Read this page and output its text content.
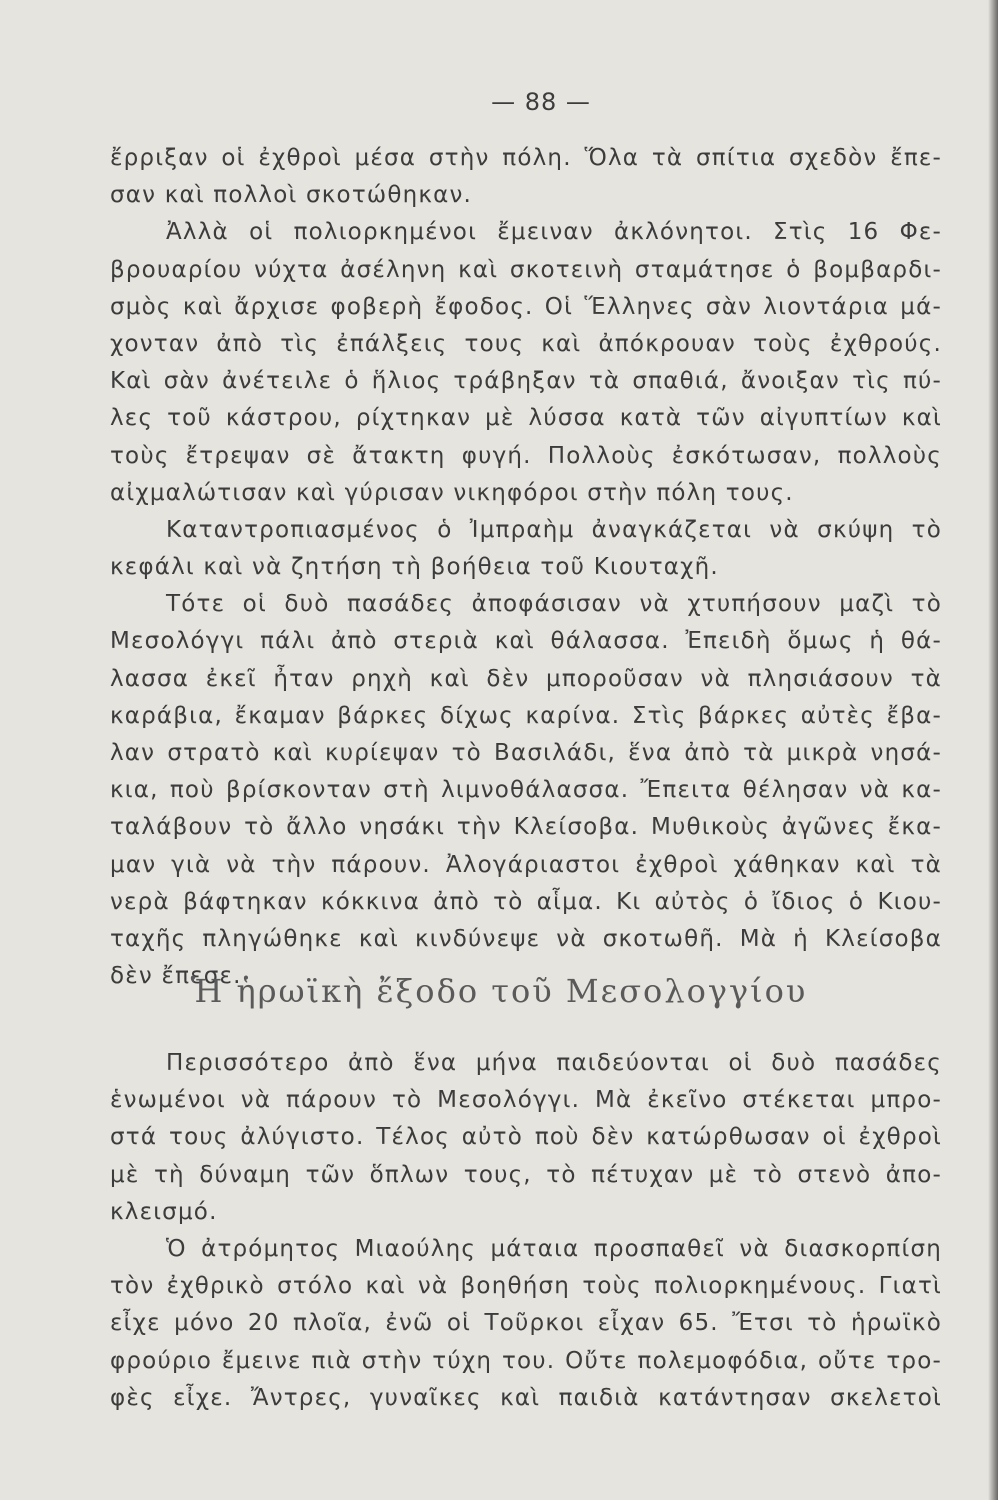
— 88 —
ἔρριξαν οἱ ἐχθροὶ μέσα στὴν πόλη. Ὅλα τὰ σπίτια σχεδὸν ἔπε-
σαν καὶ πολλοὶ σκοτώθηκαν.
Ἀλλὰ οἱ πολιορκημένοι ἔμειναν ἀκλόνητοι. Στὶς 16 Φε-
βρουαρίου νύχτα ἀσέληνη καὶ σκοτεινὴ σταμάτησε ὁ βομβαρδι-
σμὸς καὶ ἄρχισε φοβερὴ ἔφοδος. Οἱ Ἕλληνες σὰν λιοντάρια μά-
χονταν ἀπὸ τὶς ἐπάλξεις τους καὶ ἀπόκρουαν τοὺς ἐχθρούς.
Καὶ σὰν ἀνέτειλε ὁ ἥλιος τράβηξαν τὰ σπαθιά, ἄνοιξαν τὶς πύ-
λες τοῦ κάστρου, ρίχτηκαν μὲ λύσσα κατὰ τῶν αἰγυπτίων καὶ
τοὺς ἔτρεψαν σὲ ἄτακτη φυγή. Πολλοὺς ἐσκότωσαν, πολλοὺς
αἰχμαλώτισαν καὶ γύρισαν νικηφόροι στὴν πόλη τους.
Καταντροπιασμένος ὁ Ἰμπραὴμ ἀναγκάζεται νὰ σκύψη τὸ
κεφάλι καὶ νὰ ζητήση τὴ βοήθεια τοῦ Κιουταχῆ.
Τότε οἱ δυὸ πασάδες ἀποφάσισαν νὰ χτυπήσουν μαζὶ τὸ
Μεσολόγγι πάλι ἀπὸ στεριὰ καὶ θάλασσα. Ἐπειδὴ ὅμως ἡ θά-
λασσα ἐκεῖ ἦταν ρηχὴ καὶ δὲν μποροῦσαν νὰ πλησιάσουν τὰ
καράβια, ἔκαμαν βάρκες δίχως καρίνα. Στὶς βάρκες αὐτὲς ἔβα-
λαν στρατὸ καὶ κυρίεψαν τὸ Βασιλάδι, ἕνα ἀπὸ τὰ μικρὰ νησά-
κια, ποὺ βρίσκονταν στὴ λιμνοθάλασσα. Ἔπειτα θέλησαν νὰ κα-
ταλάβουν τὸ ἄλλο νησάκι τὴν Κλείσοβα. Μυθικοὺς ἀγῶνες ἔκα-
μαν γιὰ νὰ τὴν πάρουν. Ἀλογάριαστοι ἐχθροὶ χάθηκαν καὶ τὰ
νερὰ βάφτηκαν κόκκινα ἀπὸ τὸ αἷμα. Κι αὐτὸς ὁ ἴδιος ὁ Κιου-
ταχῆς πληγώθηκε καὶ κινδύνεψε νὰ σκοτωθῆ. Μὰ ἡ Κλείσοβα
δὲν ἔπεσε.
Ἡ ἡρωϊκὴ ἔξοδο τοῦ Μεσολογγίου
Περισσότερο ἀπὸ ἕνα μήνα παιδεύονται οἱ δυὸ πασάδες
ἑνωμένοι νὰ πάρουν τὸ Μεσολόγγι. Μὰ ἐκεῖνο στέκεται μπρο-
στά τους ἀλύγιστο. Τέλος αὐτὸ ποὺ δὲν κατώρθωσαν οἱ ἐχθροὶ
μὲ τὴ δύναμη τῶν ὅπλων τους, τὸ πέτυχαν μὲ τὸ στενὸ ἀπο-
κλεισμό.
Ὁ ἀτρόμητος Μιαούλης μάταια προσπαθεῖ νὰ διασκορπίση
τὸν ἐχθρικὸ στόλο καὶ νὰ βοηθήση τοὺς πολιορκημένους. Γιατὶ
εἶχε μόνο 20 πλοῖα, ἐνῶ οἱ Τοῦρκοι εἶχαν 65. Ἔτσι τὸ ἡρωϊκὸ
φρούριο ἔμεινε πιὰ στὴν τύχη του. Οὔτε πολεμοφόδια, οὔτε τρο-
φὲς εἶχε. Ἄντρες, γυναῖκες καὶ παιδιὰ κατάντησαν σκελετοὶ
